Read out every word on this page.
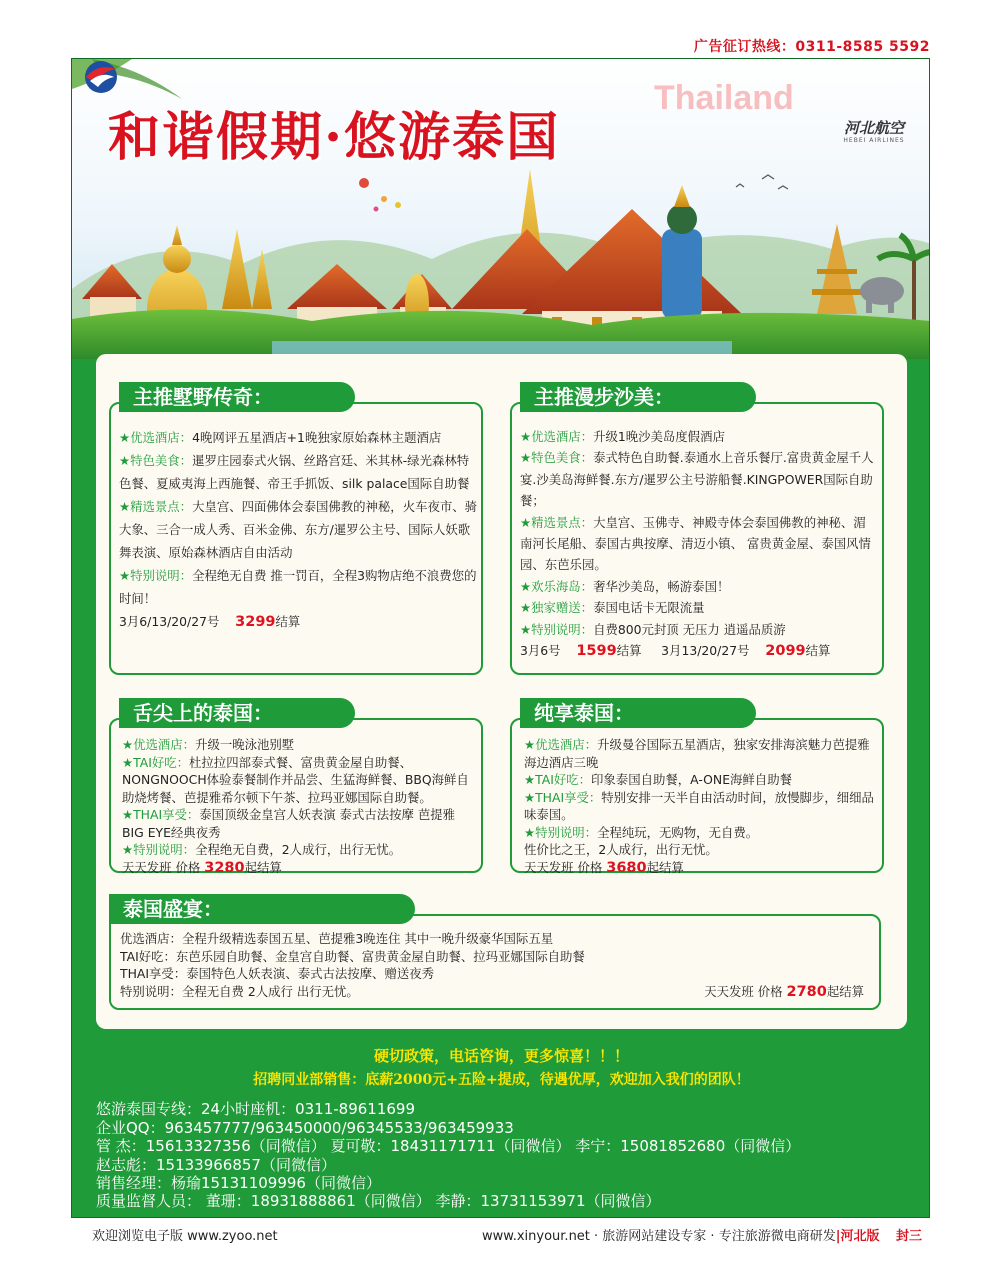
广告征订热线：0311-8585 5592
和谐假期·悠游泰国
Thailand
河北航空
HEBEI AIRLINES
主推墅野传奇：
★优选酒店：4晚网评五星酒店+1晚独家原始森林主题酒店
★特色美食：暹罗庄园泰式火锅、丝路宫廷、米其林-绿光森林特色餐、夏威夷海上西施餐、帝王手抓饭、silk palace国际自助餐
★精选景点：大皇宫、四面佛体会泰国佛教的神秘，火车夜市、骑大象、三合一成人秀、百米金佛、东方/暹罗公主号、国际人妖歌舞表演、原始森林酒店自由活动
★特别说明：全程绝无自费 推一罚百，全程3购物店绝不浪费您的时间！
3月6/13/20/27号 3299结算
主推漫步沙美：
★优选酒店：升级1晚沙美岛度假酒店
★特色美食：泰式特色自助餐.泰通水上音乐餐厅.富贵黄金屋千人宴.沙美岛海鲜餐.东方/暹罗公主号游船餐.KINGPOWER国际自助餐；
★精选景点：大皇宫、玉佛寺、神殿寺体会泰国佛教的神秘、湄南河长尾船、泰国古典按摩、清迈小镇、 富贵黄金屋、泰国风情园、东芭乐园。
★欢乐海岛：奢华沙美岛，畅游泰国！
★独家赠送：泰国电话卡无限流量
★特别说明：自费800元封顶 无压力 逍遥品质游
3月6号 1599结算 3月13/20/27号 2099结算
舌尖上的泰国：
★优选酒店：升级一晚泳池别墅
★TAI好吃：杜拉拉四部泰式餐、富贵黄金屋自助餐、NONGNOOCH体验泰餐制作并品尝、生猛海鲜餐、BBQ海鲜自助烧烤餐、芭提雅希尔顿下午茶、拉玛亚娜国际自助餐。
★THAI享受：泰国顶级金皇宫人妖表演 泰式古法按摩 芭提雅BIG EYE经典夜秀
★特别说明：全程绝无自费，2人成行，出行无忧。
天天发班 价格 3280起结算
纯享泰国：
★优选酒店：升级曼谷国际五星酒店，独家安排海滨魅力芭提雅海边酒店三晚
★TAI好吃：印象泰国自助餐，A-ONE海鲜自助餐
★THAI享受：特别安排一天半自由活动时间，放慢脚步，细细品味泰国。
★特别说明：全程纯玩，无购物，无自费。
性价比之王，2人成行，出行无忧。
天天发班 价格 3680起结算
泰国盛宴：
优选酒店：全程升级精选泰国五星、芭提雅3晚连住 其中一晚升级豪华国际五星
TAI好吃：东芭乐园自助餐、金皇宫自助餐、富贵黄金屋自助餐、拉玛亚娜国际自助餐
THAI享受：泰国特色人妖表演、泰式古法按摩、赠送夜秀
特别说明：全程无自费 2人成行 出行无忧。	天天发班 价格 2780起结算
硬切政策，电话咨询，更多惊喜！！！
招聘同业部销售：底薪2000元+五险+提成，待遇优厚，欢迎加入我们的团队！
悠游泰国专线：24小时座机：0311-89611699
企业QQ：963457777/963450000/96345533/963459933
管 杰：15613327356（同微信） 夏可敬：18431171711（同微信） 李宁：15081852680（同微信）
赵志彪：15133966857（同微信）
销售经理：杨瑜15131109996（同微信）
质量监督人员： 董珊：18931888861（同微信） 李静：13731153971（同微信）
欢迎浏览电子版 www.zyoo.net	www.xinyour.net · 旅游网站建设专家 · 专注旅游微电商研发|河北版 封三
